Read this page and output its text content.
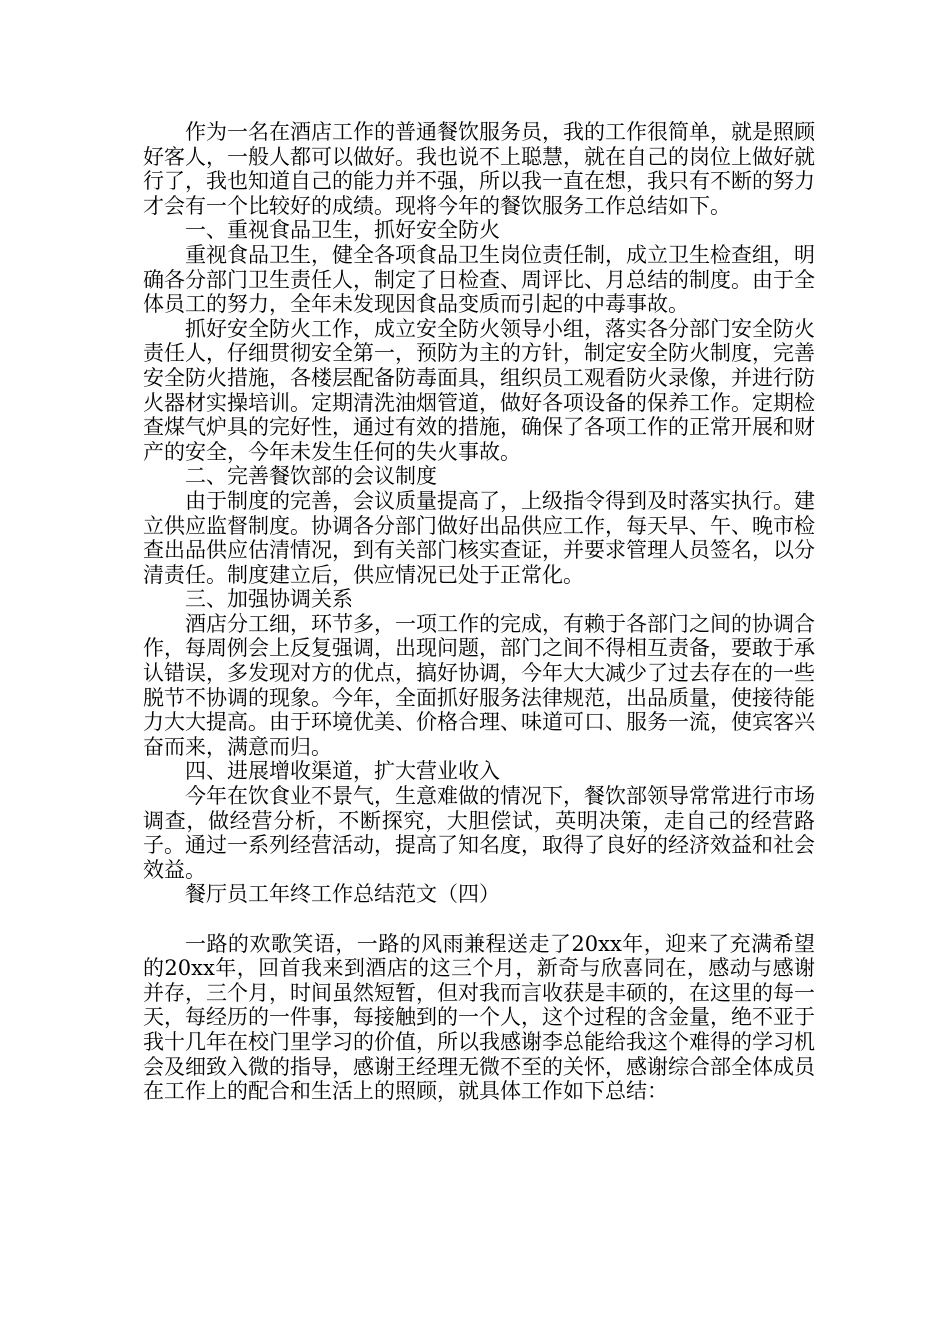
作为一名在酒店工作的普通餐饮服务员，我的工作很简单，就是照顾好客人，一般人都可以做好。我也说不上聪慧，就在自己的岗位上做好就行了，我也知道自己的能力并不强，所以我一直在想，我只有不断的努力才会有一个比较好的成绩。现将今年的餐饮服务工作总结如下。

一、重视食品卫生，抓好安全防火

重视食品卫生，健全各项食品卫生岗位责任制，成立卫生检查组，明确各分部门卫生责任人，制定了日检查、周评比、月总结的制度。由于全体员工的努力，全年未发现因食品变质而引起的中毒事故。

抓好安全防火工作，成立安全防火领导小组，落实各分部门安全防火责任人，仔细贯彻安全第一，预防为主的方针，制定安全防火制度，完善安全防火措施，各楼层配备防毒面具，组织员工观看防火录像，并进行防火器材实操培训。定期清洗油烟管道，做好各项设备的保养工作。定期检查煤气炉具的完好性，通过有效的措施，确保了各项工作的正常开展和财产的安全，今年未发生任何的失火事故。

二、完善餐饮部的会议制度

由于制度的完善，会议质量提高了，上级指令得到及时落实执行。建立供应监督制度。协调各分部门做好出品供应工作，每天早、午、晚市检查出品供应估清情况，到有关部门核实查证，并要求管理人员签名，以分清责任。制度建立后，供应情况已处于正常化。

三、加强协调关系

酒店分工细，环节多，一项工作的完成，有赖于各部门之间的协调合作，每周例会上反复强调，出现问题，部门之间不得相互责备，要敢于承认错误，多发现对方的优点，搞好协调，今年大大减少了过去存在的一些脱节不协调的现象。今年，全面抓好服务法律规范，出品质量，使接待能力大大提高。由于环境优美、价格合理、味道可口、服务一流，使宾客兴奋而来，满意而归。

四、进展增收渠道，扩大营业收入

今年在饮食业不景气，生意难做的情况下，餐饮部领导常常进行市场调查，做经营分析，不断探究，大胆偿试，英明决策，走自己的经营路子。通过一系列经营活动，提高了知名度，取得了良好的经济效益和社会效益。

餐厅员工年终工作总结范文（四）

一路的欢歌笑语，一路的风雨兼程送走了20xx年，迎来了充满希望的20xx年，回首我来到酒店的这三个月，新奇与欣喜同在，感动与感谢并存，三个月，时间虽然短暂，但对我而言收获是丰硕的，在这里的每一天，每经历的一件事，每接触到的一个人，这个过程的含金量，绝不亚于我十几年在校门里学习的价值，所以我感谢李总能给我这个难得的学习机会及细致入微的指导，感谢王经理无微不至的关怀，感谢综合部全体成员在工作上的配合和生活上的照顾，就具体工作如下总结：
